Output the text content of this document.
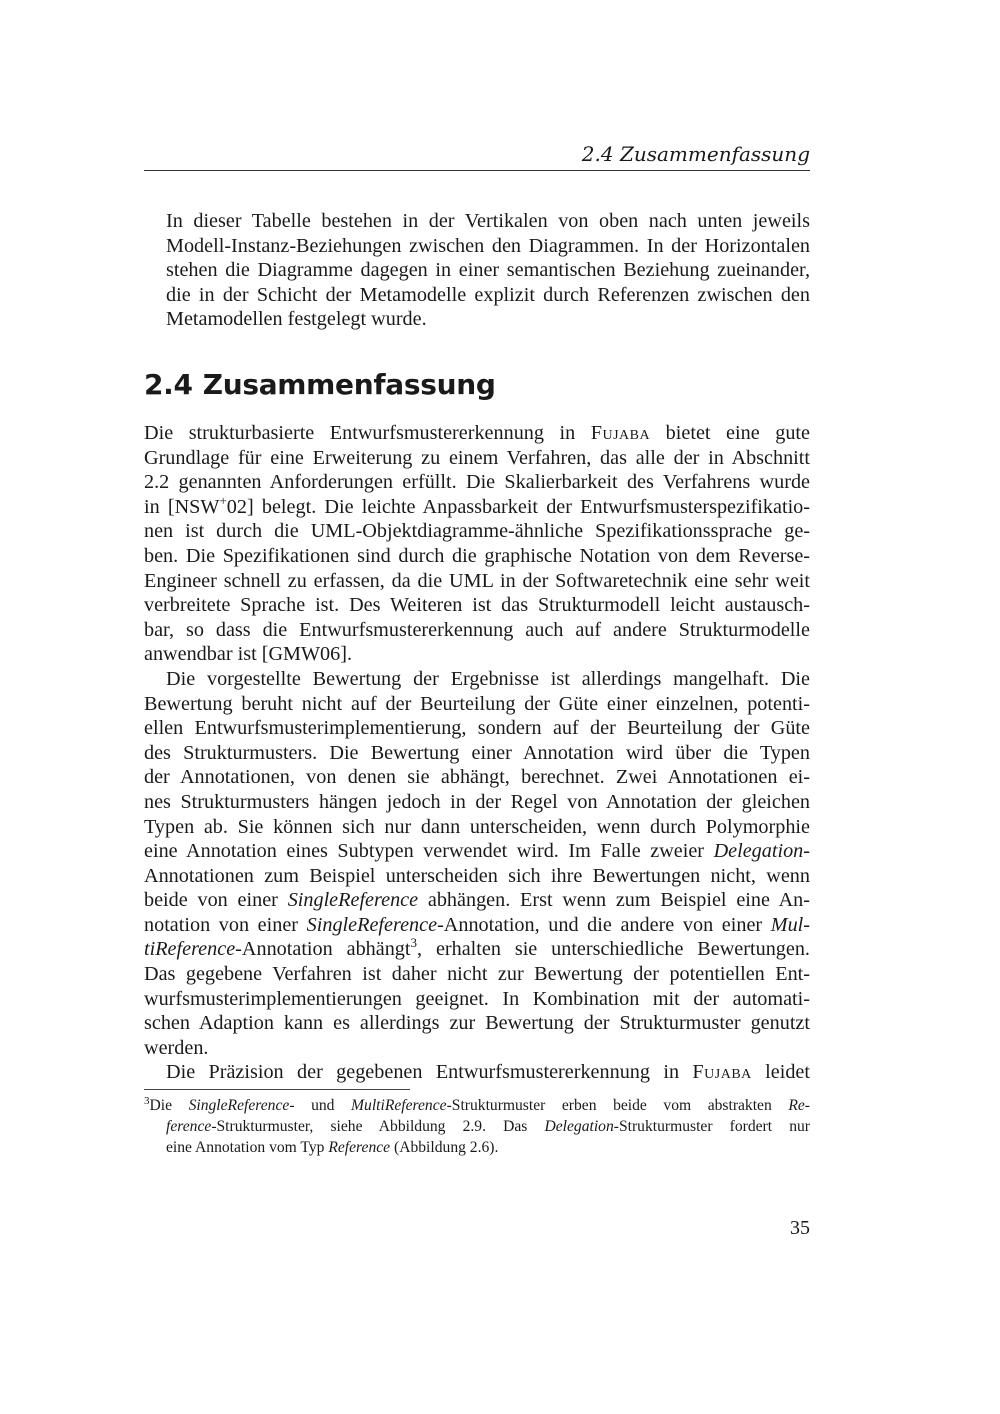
2.4 Zusammenfassung

In dieser Tabelle bestehen in der Vertikalen von oben nach unten jeweils
Modell-Instanz-Beziehungen zwischen den Diagrammen. In der Horizontalen
stehen die Diagramme dagegen in einer semantischen Beziehung zueinander,
die in der Schicht der Metamodelle explizit durch Referenzen zwischen den
Metamodellen festgelegt wurde.

2.4 Zusammenfassung

Die strukturbasierte Entwurfsmustererkennung in Fujaba bietet eine gute
Grundlage für eine Erweiterung zu einem Verfahren, das alle der in Abschnitt
2.2 genannten Anforderungen erfüllt. Die Skalierbarkeit des Verfahrens wurde
in [NSW+02] belegt. Die leichte Anpassbarkeit der Entwurfsmusterspezifikatio-
nen ist durch die UML-Objektdiagramme-ähnliche Spezifikationssprache ge-
ben. Die Spezifikationen sind durch die graphische Notation von dem Reverse-
Engineer schnell zu erfassen, da die UML in der Softwaretechnik eine sehr weit
verbreitete Sprache ist. Des Weiteren ist das Strukturmodell leicht austausch-
bar, so dass die Entwurfsmustererkennung auch auf andere Strukturmodelle
anwendbar ist [GMW06].

Die vorgestellte Bewertung der Ergebnisse ist allerdings mangelhaft. Die
Bewertung beruht nicht auf der Beurteilung der Güte einer einzelnen, potenti-
ellen Entwurfsmusterimplementierung, sondern auf der Beurteilung der Güte
des Strukturmusters. Die Bewertung einer Annotation wird über die Typen
der Annotationen, von denen sie abhängt, berechnet. Zwei Annotationen ei-
nes Strukturmusters hängen jedoch in der Regel von Annotation der gleichen
Typen ab. Sie können sich nur dann unterscheiden, wenn durch Polymorphie
eine Annotation eines Subtypen verwendet wird. Im Falle zweier Delegation-
Annotationen zum Beispiel unterscheiden sich ihre Bewertungen nicht, wenn
beide von einer SingleReference abhängen. Erst wenn zum Beispiel eine An-
notation von einer SingleReference-Annotation, und die andere von einer Mul-
tiReference-Annotation abhängt$^3$, erhalten sie unterschiedliche Bewertungen.
Das gegebene Verfahren ist daher nicht zur Bewertung der potentiellen Ent-
wurfsmusterimplementierungen geeignet. In Kombination mit der automati-
schen Adaption kann es allerdings zur Bewertung der Strukturmuster genutzt
werden.

Die Präzision der gegebenen Entwurfsmustererkennung in Fujaba leidet

$^3$Die SingleReference- und MultiReference-Strukturmuster erben beide vom abstrakten Re-
ference-Strukturmuster, siehe Abbildung 2.9. Das Delegation-Strukturmuster fordert nur
eine Annotation vom Typ Reference (Abbildung 2.6).
35
